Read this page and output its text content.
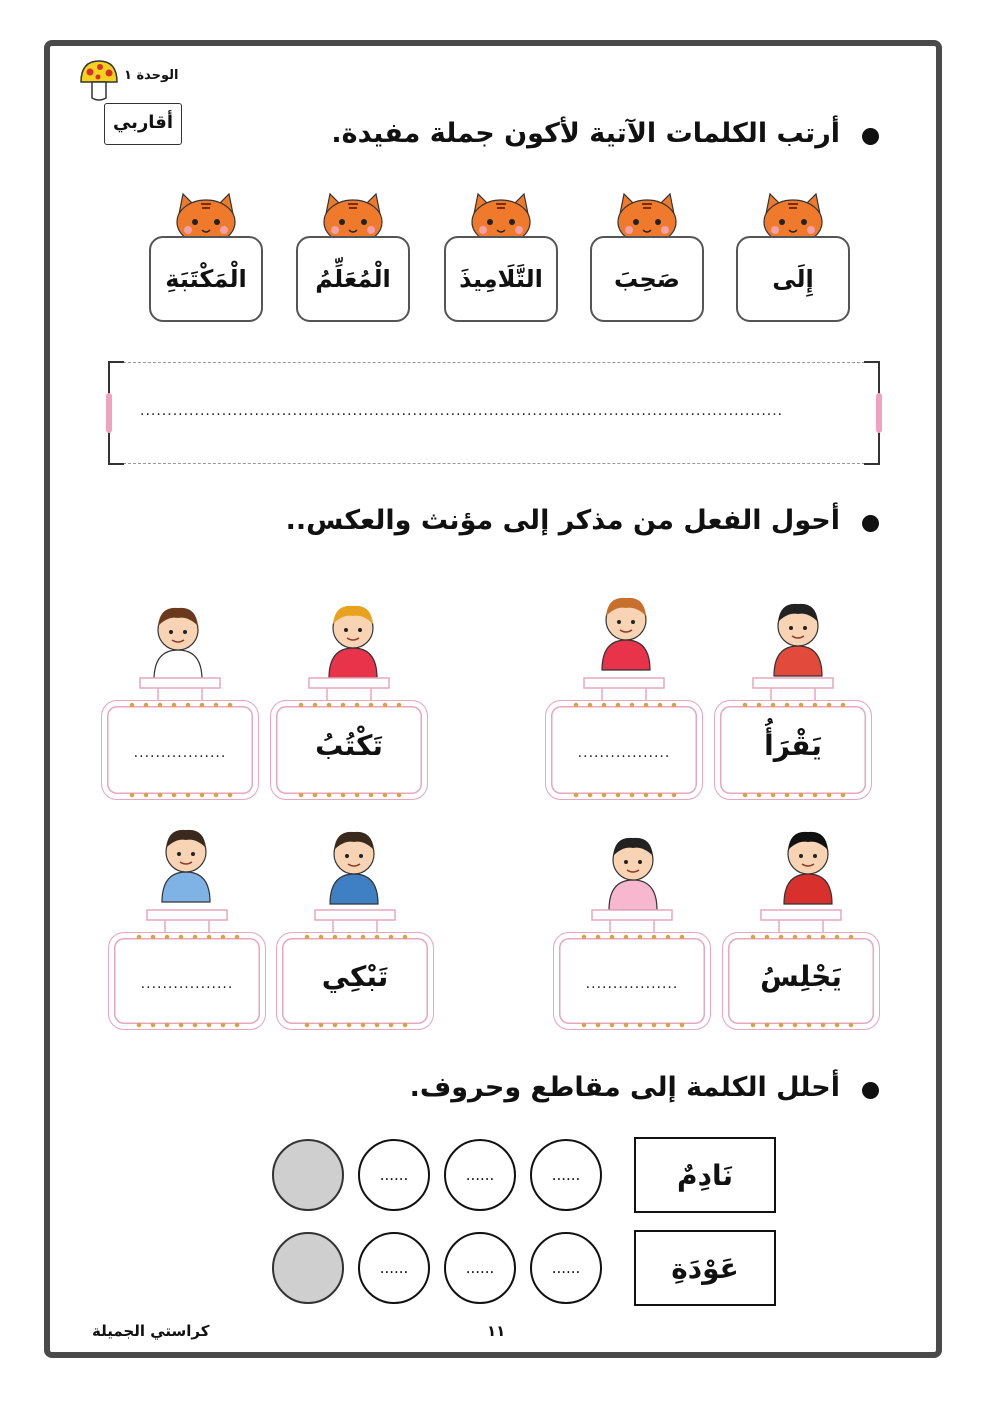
الوحدة ١
أقاربي	أرتب الكلمات الآتية لأكون جملة مفيدة.
إِلَى
صَحِبَ
التَّلَامِيذَ
الْمُعَلِّمُ
الْمَكْتَبَةِ
......................................................................................................................
أحول الفعل من مذكر إلى مؤنث والعكس..
يَقْرَأُ
.................
تَكْتُبُ
.................
يَجْلِسُ
.................
تَبْكِي
.................
أحلل الكلمة إلى مقاطع وحروف.
نَادِمٌ
......
......
......
عَوْدَةِ
......
......
......
١١
كراستي الجميلة
